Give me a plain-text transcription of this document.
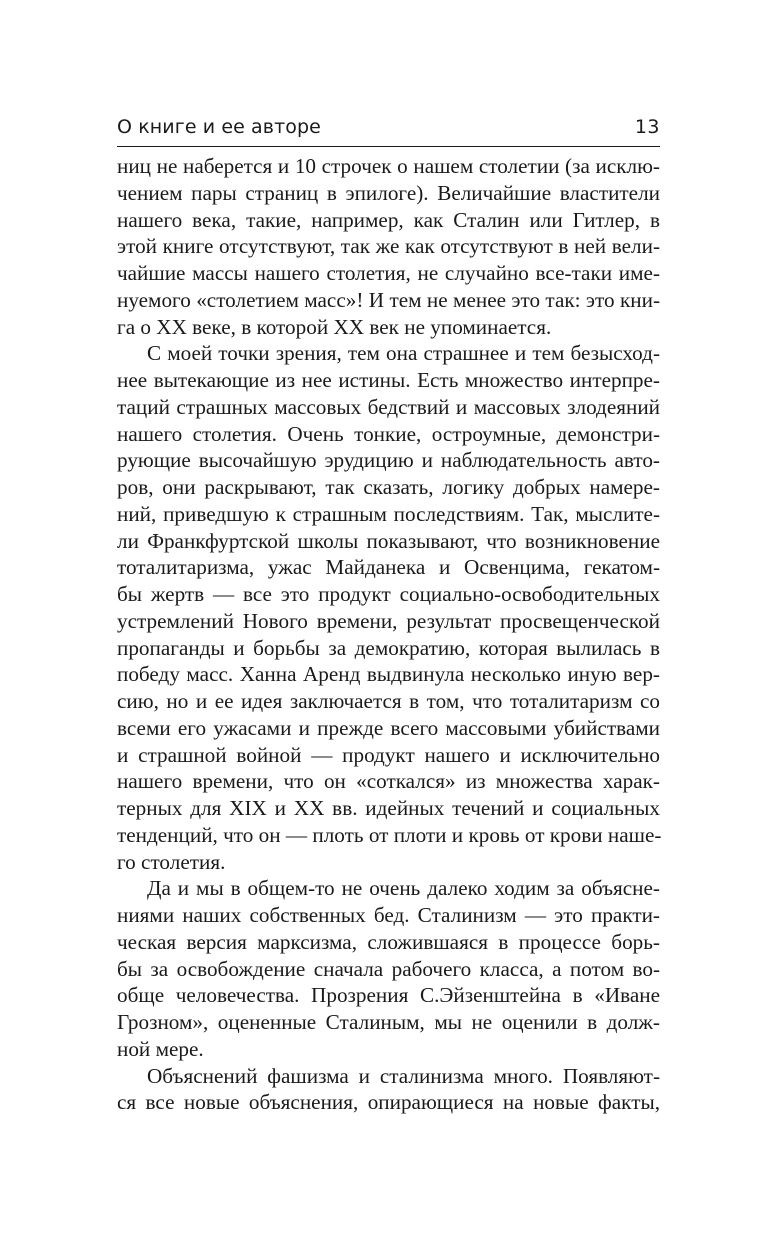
О книге и ее авторе	13
ниц не наберется и 10 строчек о нашем столетии (за исклю-
чением пары страниц в эпилоге). Величайшие властители
нашего века, такие, например, как Сталин или Гитлер, в
этой книге отсутствуют, так же как отсутствуют в ней вели-
чайшие массы нашего столетия, не случайно все-таки име-
нуемого «столетием масс»! И тем не менее это так: это кни-
га о XX веке, в которой XX век не упоминается.
С моей точки зрения, тем она страшнее и тем безысход-
нее вытекающие из нее истины. Есть множество интерпре-
таций страшных массовых бедствий и массовых злодеяний
нашего столетия. Очень тонкие, остроумные, демонстри-
рующие высочайшую эрудицию и наблюдательность авто-
ров, они раскрывают, так сказать, логику добрых намере-
ний, приведшую к страшным последствиям. Так, мыслите-
ли Франкфуртской школы показывают, что возникновение
тоталитаризма, ужас Майданека и Освенцима, гекатом-
бы жертв — все это продукт социально-освободительных
устремлений Нового времени, результат просвещенческой
пропаганды и борьбы за демократию, которая вылилась в
победу масс. Ханна Аренд выдвинула несколько иную вер-
сию, но и ее идея заключается в том, что тоталитаризм со
всеми его ужасами и прежде всего массовыми убийствами
и страшной войной — продукт нашего и исключительно
нашего времени, что он «соткался» из множества харак-
терных для XIX и XX вв. идейных течений и социальных
тенденций, что он — плоть от плоти и кровь от крови наше-
го столетия.
Да и мы в общем-то не очень далеко ходим за объясне-
ниями наших собственных бед. Сталинизм — это практи-
ческая версия марксизма, сложившаяся в процессе борь-
бы за освобождение сначала рабочего класса, а потом во-
обще человечества. Прозрения С.Эйзенштейна в «Иване
Грозном», оцененные Сталиным, мы не оценили в долж-
ной мере.
Объяснений фашизма и сталинизма много. Появляют-
ся все новые объяснения, опирающиеся на новые факты,
